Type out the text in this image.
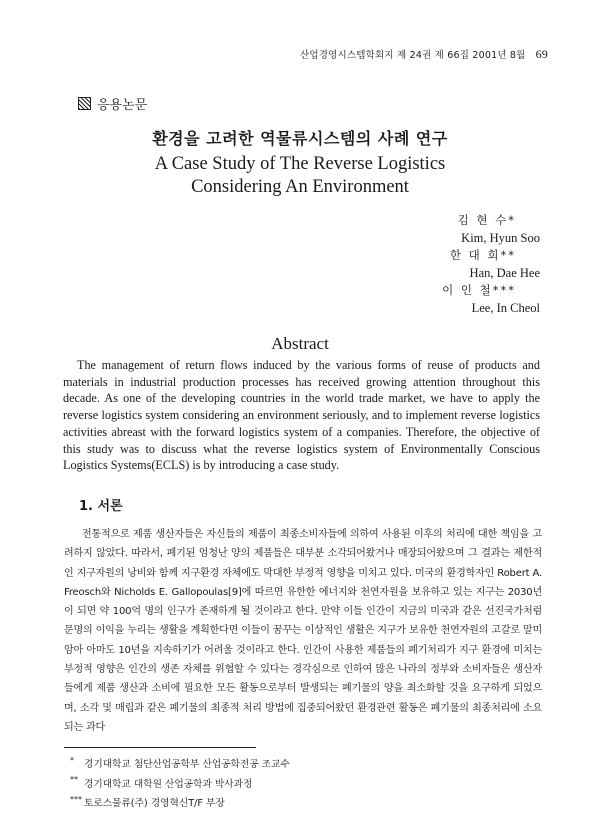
산업경영시스템학회지 제 24권 제 66집 2001년 8월 69
응용논문
환경을 고려한 역물류시스템의 사례 연구
A Case Study of The Reverse Logistics
Considering An Environment
김 현 수*
Kim, Hyun Soo
한 대 희**
Han, Dae Hee
이 인 철***
Lee, In Cheol
Abstract
The management of return flows induced by the various forms of reuse of products and materials in industrial production processes has received growing attention throughout this decade. As one of the developing countries in the world trade market, we have to apply the reverse logistics system considering an environment seriously, and to implement reverse logistics activities abreast with the forward logistics system of a companies. Therefore, the objective of this study was to discuss what the reverse logistics system of Environmentally Conscious Logistics Systems(ECLS) is by introducing a case study.
1. 서론
전통적으로 제품 생산자들은 자신들의 제품이 최종소비자들에 의하여 사용된 이후의 처리에 대한 책임을 고려하지 않았다. 따라서, 폐기된 엄청난 양의 제품들은 대부분 소각되어왔거나 매장되어왔으며 그 결과는 제한적인 지구자원의 낭비와 함께 지구환경 자체에도 막대한 부정적 영향을 미치고 있다. 미국의 환경학자인 Robert A. Freosch와 Nicholds E. Gallopoulas[9]에 따르면 유한한 에너지와 천연자원을 보유하고 있는 지구는 2030년이 되면 약 100억 명의 인구가 존재하게 될 것이라고 한다. 만약 이들 인간이 지금의 미국과 같은 선진국가처럼 문명의 이익을 누리는 생활을 계획한다면 이들이 꿈꾸는 이상적인 생활은 지구가 보유한 천연자원의 고갈로 말미암아 아마도 10년을 지속하기가 어려울 것이라고 한다. 인간이 사용한 제품들의 폐기처리가 지구 환경에 미치는 부정적 영향은 인간의 생존 자체를 위협할 수 있다는 경각심으로 인하여 많은 나라의 정부와 소비자들은 생산자들에게 제품 생산과 소비에 필요한 모든 활동으로부터 발생되는 폐기물의 양을 최소화할 것을 요구하게 되었으며, 소각 및 매립과 같은 폐기물의 최종적 처리 방법에 집중되어왔던 환경관련 활동은 폐기물의 최종처리에 소요되는 과다
* 경기대학교 첨단산업공학부 산업공학전공 조교수
** 경기대학교 대학원 산업공학과 박사과정
*** 토로스물류(주) 경영혁신T/F 부장
